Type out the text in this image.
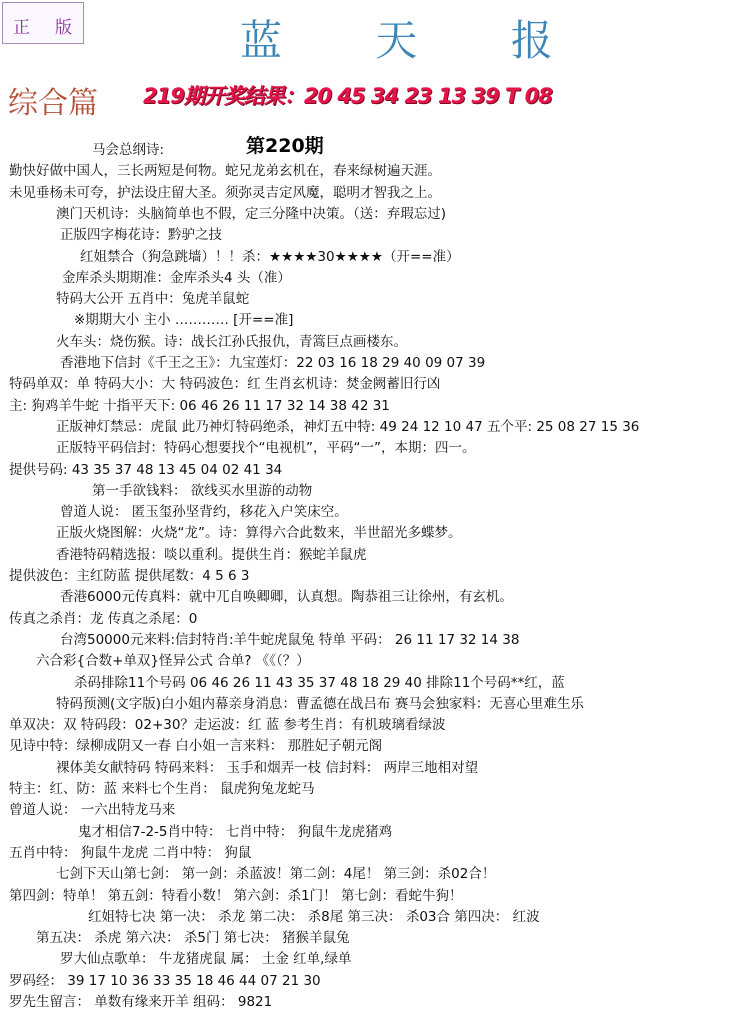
正 版	蓝 天 报
综合篇 219期开奖结果：20 45 34 23 13 39 T 08
第220期
马会总纲诗:
勤快好做中国人，三长两短是何物。蛇兄龙弟玄机在，春来绿树遍天涯。
未见垂杨未可夸，护法设庄留大圣。须弥灵吉定风魔，聪明才智我之上。
澳门天机诗：头脑简单也不假，定三分隆中决策。（送：弃瑕忘过)
正版四字梅花诗：黔驴之技
红姐禁合（狗急跳墙）！！杀：★★★★30★★★★（开==准）
金库杀头期期准：金库杀头4 头（准）
特码大公开 五肖中：兔虎羊鼠蛇
※期期大小 主小 ………… [开==准]
火车头：烧伤猴。诗：战长江孙氏报仇，青篙巨点画楼东。
香港地下信封《千王之王》：九宝莲灯：22 03 16 18 29 40 09 07 39
特码单双：单 特码大小：大 特码波色：红 生肖玄机诗：焚金阙蓄旧行凶
主: 狗鸡羊牛蛇 十指平天下: 06 46 26 11 17 32 14 38 42 31
正版神灯禁忌：虎鼠 此乃神灯特码绝杀，神灯五中特: 49 24 12 10 47 五个平: 25 08 27 15 36
正版特平码信封：特码心想要找个“电视机”，平码“一”，本期：四一。
提供号码: 43 35 37 48 13 45 04 02 41 34
第一手欲钱料： 欲线买水里游的动物
曾道人说： 匿玉玺孙坚背约，移花入户笑床空。
正版火烧图解：火烧“龙”。诗：算得六合此数来，半世韶光多蝶梦。
香港特码精选报：啖以重利。提供生肖：猴蛇羊鼠虎
提供波色：主红防蓝 提供尾数：4 5 6 3
香港6000元传真料：就中兀自唤卿卿，认真想。陶恭祖三让徐州，有玄机。
传真之杀肖：龙 传真之杀尾：0
台湾50000元来料:信封特肖:羊牛蛇虎鼠兔 特单 平码： 26 11 17 32 14 38
六合彩{合数+单双}怪异公式 合单? 《《（？）
杀码排除11个号码 06 46 26 11 43 35 37 48 18 29 40 排除11个号码**红，蓝
特码预测(文字版)白小姐内幕亲身消息：曹孟德在战吕布 赛马会独家料：无喜心里难生乐
单双决：双 特码段：02+30？走运波：红 蓝 参考生肖：有机玻璃看绿波
见诗中特：绿柳成阴又一春 白小姐一言来料： 那胜妃子朝元阁
裸体美女献特码 特码来料： 玉手和烟弄一枝 信封料： 两岸三地相对望
特主：红、防：蓝 来料七个生肖： 鼠虎狗兔龙蛇马
曾道人说： 一六出特龙马来
鬼才相信7-2-5肖中特： 七肖中特： 狗鼠牛龙虎猪鸡
五肖中特： 狗鼠牛龙虎 二肖中特： 狗鼠
七剑下天山第七剑： 第一剑：杀蓝波！第二剑：4尾！ 第三剑：杀02合！
第四剑：特单！ 第五剑：特看小数！ 第六剑：杀1门！ 第七剑：看蛇牛狗！
红姐特七决 第一决： 杀龙 第二决： 杀8尾 第三决： 杀03合 第四决： 红波
第五决： 杀虎 第六决： 杀5门 第七决： 猪猴羊鼠兔
罗大仙点歌单： 牛龙猪虎鼠 属： 土金 红单,绿单
罗码经： 39 17 10 36 33 35 18 46 44 07 21 30
罗先生留言： 单数有缘来开羊 组码： 9821
